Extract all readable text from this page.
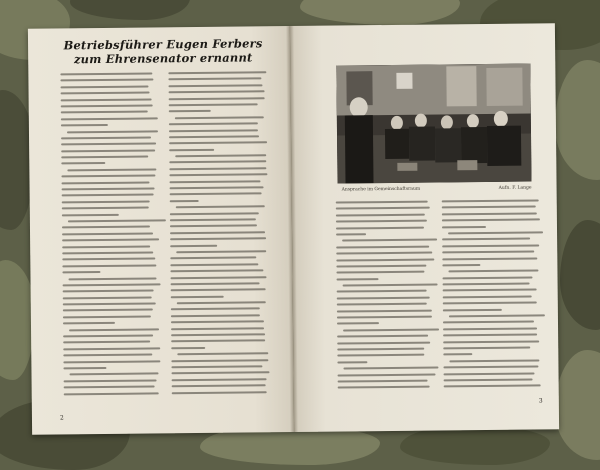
Betriebsführer Eugen Ferbers
zum Ehrensenator ernannt
2
Ansprache im Gemeinschaftsraum	Aufn. F. Lange
3
